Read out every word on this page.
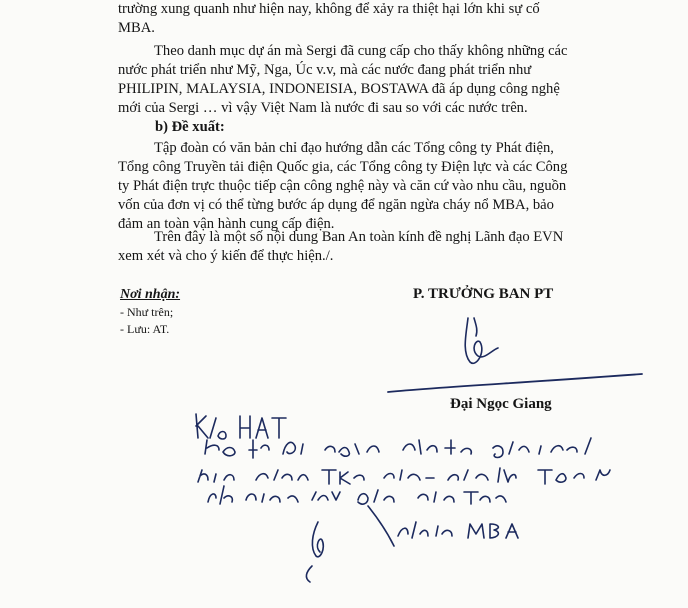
trường xung quanh như hiện nay, không để xảy ra thiệt hại lớn khi sự cố
MBA.
Theo danh mục dự án mà Sergi đã cung cấp cho thấy không những các
nước phát triển như Mỹ, Nga, Úc v.v, mà các nước đang phát triển như
PHILIPIN, MALAYSIA, INDONEISIA, BOSTAWA đã áp dụng công nghệ
mới của Sergi … vì vậy Việt Nam là nước đi sau so với các nước trên.
b) Đề xuất:
Tập đoàn có văn bản chỉ đạo hướng dẫn các Tổng công ty Phát điện,
Tổng công Truyền tải điện Quốc gia, các Tổng công ty Điện lực và các Công
ty Phát điện trực thuộc tiếp cận công nghệ này và căn cứ vào nhu cầu, nguồn
vốn của đơn vị có thể từng bước áp dụng để ngăn ngừa cháy nổ MBA, bảo
đảm an toàn vận hành cung cấp điện.
Trên đây là một số nội dung Ban An toàn kính đề nghị Lãnh đạo EVN
xem xét và cho ý kiến để thực hiện./.
Nơi nhận:
- Như trên;
- Lưu: AT.
P. TRƯỞNG BAN PT
Đại Ngọc Giang
